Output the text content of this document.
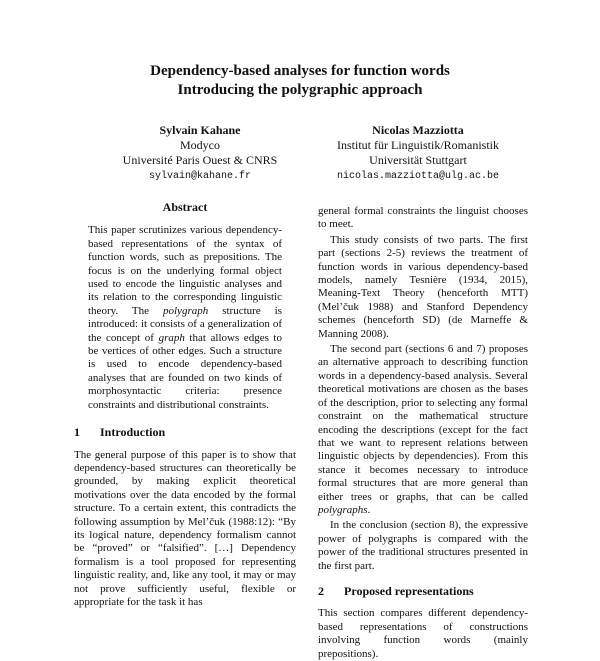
Dependency-based analyses for function words
Introducing the polygraphic approach
Sylvain Kahane
Modyco
Université Paris Ouest & CNRS
sylvain@kahane.fr
Nicolas Mazziotta
Institut für Linguistik/Romanistik
Universität Stuttgart
nicolas.mazziotta@ulg.ac.be
Abstract

This paper scrutinizes various dependency-based representations of the syntax of function words, such as prepositions. The focus is on the underlying formal object used to encode the linguistic analyses and its relation to the corresponding linguistic theory. The polygraph structure is introduced: it consists of a generalization of the concept of graph that allows edges to be vertices of other edges. Such a structure is used to encode dependency-based analyses that are founded on two kinds of morphosyntactic criteria: presence constraints and distributional constraints.

1	Introduction

The general purpose of this paper is to show that dependency-based structures can theoretically be grounded, by making explicit theoretical motivations over the data encoded by the formal structure. To a certain extent, this contradicts the following assumption by Mel’čuk (1988:12): “By its logical nature, dependency formalism cannot be “proved” or “falsified”. […] Dependency formalism is a tool proposed for representing linguistic reality, and, like any tool, it may or may not prove sufficiently useful, flexible or appropriate for the task it has

general formal constraints the linguist chooses to meet.

This study consists of two parts. The first part (sections 2-5) reviews the treatment of function words in various dependency-based models, namely Tesnière (1934, 2015), Meaning-Text Theory (henceforth MTT) (Mel’čuk 1988) and Stanford Dependency schemes (henceforth SD) (de Marneffe & Manning 2008).

The second part (sections 6 and 7) proposes an alternative approach to describing function words in a dependency-based analysis. Several theoretical motivations are chosen as the bases of the description, prior to selecting any formal constraint on the mathematical structure encoding the descriptions (except for the fact that we want to represent relations between linguistic objects by dependencies). From this stance it becomes necessary to introduce formal structures that are more general than either trees or graphs, that can be called polygraphs.

In the conclusion (section 8), the expressive power of polygraphs is compared with the power of the traditional structures presented in the first part.

2	Proposed representations

This section compares different dependency-based representations of constructions involving function words (mainly prepositions).
